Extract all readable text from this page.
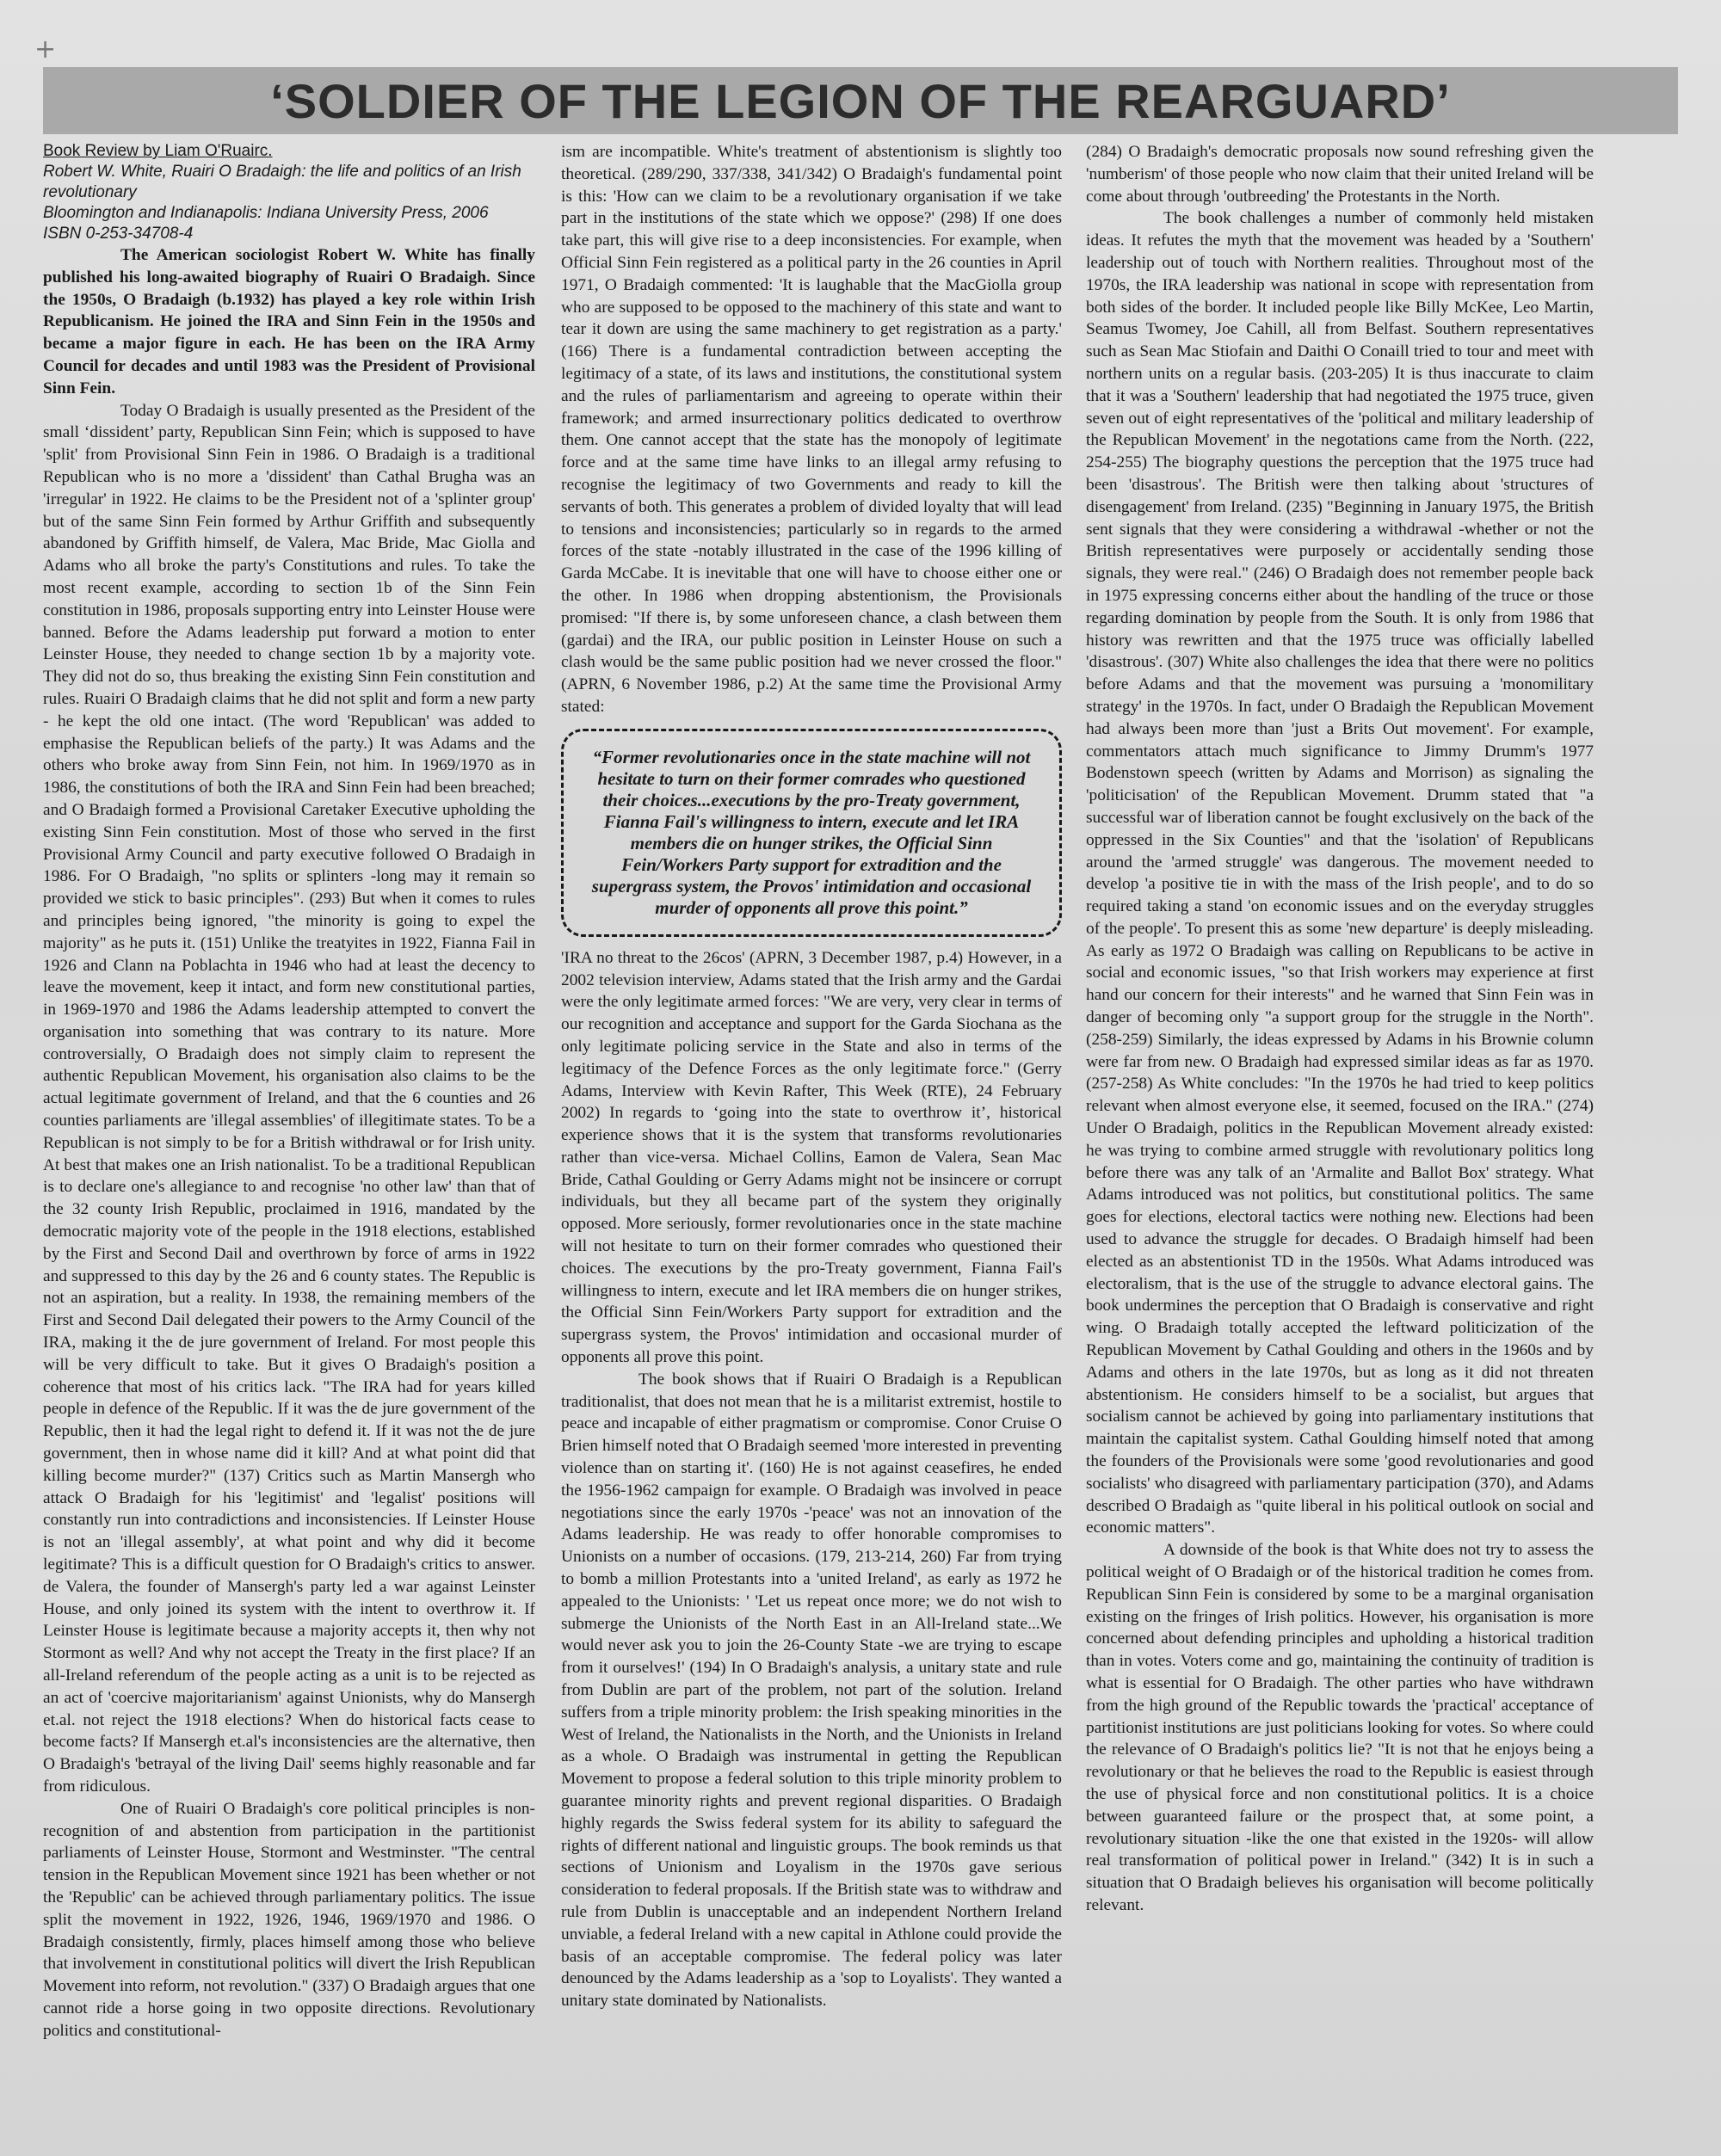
+
‘SOLDIER OF THE LEGION OF THE REARGUARD’
Book Review by Liam O'Ruairc.
Robert W. White, Ruairi O Bradaigh: the life and politics of an Irish revolutionary
Bloomington and Indianapolis: Indiana University Press, 2006
ISBN 0-253-34708-4

The American sociologist Robert W. White has finally published his long-awaited biography of Ruairi O Bradaigh. Since the 1950s, O Bradaigh (b.1932) has played a key role within Irish Republicanism. He joined the IRA and Sinn Fein in the 1950s and became a major figure in each. He has been on the IRA Army Council for decades and until 1983 was the President of Provisional Sinn Fein.

Today O Bradaigh is usually presented as the President of the small ‘dissident’ party, Republican Sinn Fein; which is supposed to have 'split' from Provisional Sinn Fein in 1986. O Bradaigh is a traditional Republican who is no more a 'dissident' than Cathal Brugha was an 'irregular' in 1922. He claims to be the President not of a 'splinter group' but of the same Sinn Fein formed by Arthur Griffith and subsequently abandoned by Griffith himself, de Valera, Mac Bride, Mac Giolla and Adams who all broke the party's Constitutions and rules. To take the most recent example, according to section 1b of the Sinn Fein constitution in 1986, proposals supporting entry into Leinster House were banned. Before the Adams leadership put forward a motion to enter Leinster House, they needed to change section 1b by a majority vote. They did not do so, thus breaking the existing Sinn Fein constitution and rules. Ruairi O Bradaigh claims that he did not split and form a new party - he kept the old one intact. (The word 'Republican' was added to emphasise the Republican beliefs of the party.) It was Adams and the others who broke away from Sinn Fein, not him. In 1969/1970 as in 1986, the constitutions of both the IRA and Sinn Fein had been breached; and O Bradaigh formed a Provisional Caretaker Executive upholding the existing Sinn Fein constitution. Most of those who served in the first Provisional Army Council and party executive followed O Bradaigh in 1986. For O Bradaigh, "no splits or splinters -long may it remain so provided we stick to basic principles". (293) But when it comes to rules and principles being ignored, "the minority is going to expel the majority" as he puts it. (151) Unlike the treatyites in 1922, Fianna Fail in 1926 and Clann na Poblachta in 1946 who had at least the decency to leave the movement, keep it intact, and form new constitutional parties, in 1969-1970 and 1986 the Adams leadership attempted to convert the organisation into something that was contrary to its nature. More controversially, O Bradaigh does not simply claim to represent the authentic Republican Movement, his organisation also claims to be the actual legitimate government of Ireland, and that the 6 counties and 26 counties parliaments are 'illegal assemblies' of illegitimate states. To be a Republican is not simply to be for a British withdrawal or for Irish unity. At best that makes one an Irish nationalist. To be a traditional Republican is to declare one's allegiance to and recognise 'no other law' than that of the 32 county Irish Republic, proclaimed in 1916, mandated by the democratic majority vote of the people in the 1918 elections, established by the First and Second Dail and overthrown by force of arms in 1922 and suppressed to this day by the 26 and 6 county states. The Republic is not an aspiration, but a reality. In 1938, the remaining members of the First and Second Dail delegated their powers to the Army Council of the IRA, making it the de jure government of Ireland. For most people this will be very difficult to take. But it gives O Bradaigh's position a coherence that most of his critics lack. "The IRA had for years killed people in defence of the Republic. If it was the de jure government of the Republic, then it had the legal right to defend it. If it was not the de jure government, then in whose name did it kill? And at what point did that killing become murder?" (137) Critics such as Martin Mansergh who attack O Bradaigh for his 'legitimist' and 'legalist' positions will constantly run into contradictions and inconsistencies. If Leinster House is not an 'illegal assembly', at what point and why did it become legitimate? This is a difficult question for O Bradaigh's critics to answer. de Valera, the founder of Mansergh's party led a war against Leinster House, and only joined its system with the intent to overthrow it. If Leinster House is legitimate because a majority accepts it, then why not Stormont as well? And why not accept the Treaty in the first place? If an all-Ireland referendum of the people acting as a unit is to be rejected as an act of 'coercive majoritarianism' against Unionists, why do Mansergh et.al. not reject the 1918 elections? When do historical facts cease to become facts? If Mansergh et.al's inconsistencies are the alternative, then O Bradaigh's 'betrayal of the living Dail' seems highly reasonable and far from ridiculous.

One of Ruairi O Bradaigh's core political principles is non-recognition of and abstention from participation in the partitionist parliaments of Leinster House, Stormont and Westminster. "The central tension in the Republican Movement since 1921 has been whether or not the 'Republic' can be achieved through parliamentary politics. The issue split the movement in 1922, 1926, 1946, 1969/1970 and 1986. O Bradaigh consistently, firmly, places himself among those who believe that involvement in constitutional politics will divert the Irish Republican Movement into reform, not revolution." (337) O Bradaigh argues that one cannot ride a horse going in two opposite directions. Revolutionary politics and constitutional-

ism are incompatible. White's treatment of abstentionism is slightly too theoretical. (289/290, 337/338, 341/342) O Bradaigh's fundamental point is this: 'How can we claim to be a revolutionary organisation if we take part in the institutions of the state which we oppose?' (298) If one does take part, this will give rise to a deep inconsistencies. For example, when Official Sinn Fein registered as a political party in the 26 counties in April 1971, O Bradaigh commented: 'It is laughable that the MacGiolla group who are supposed to be opposed to the machinery of this state and want to tear it down are using the same machinery to get registration as a party.' (166) There is a fundamental contradiction between accepting the legitimacy of a state, of its laws and institutions, the constitutional system and the rules of parliamentarism and agreeing to operate within their framework; and armed insurrectionary politics dedicated to overthrow them. One cannot accept that the state has the monopoly of legitimate force and at the same time have links to an illegal army refusing to recognise the legitimacy of two Governments and ready to kill the servants of both. This generates a problem of divided loyalty that will lead to tensions and inconsistencies; particularly so in regards to the armed forces of the state -notably illustrated in the case of the 1996 killing of Garda McCabe. It is inevitable that one will have to choose either one or the other. In 1986 when dropping abstentionism, the Provisionals promised: "If there is, by some unforeseen chance, a clash between them (gardai) and the IRA, our public position in Leinster House on such a clash would be the same public position had we never crossed the floor." (APRN, 6 November 1986, p.2) At the same time the Provisional Army stated:

“Former revolutionaries once in the state machine will not hesitate to turn on their former comrades who questioned their choices...executions by the pro-Treaty government, Fianna Fail's willingness to intern, execute and let IRA members die on hunger strikes, the Official Sinn Fein/Workers Party support for extradition and the supergrass system, the Provos' intimidation and occasional murder of opponents all prove this point.”

'IRA no threat to the 26cos' (APRN, 3 December 1987, p.4) However, in a 2002 television interview, Adams stated that the Irish army and the Gardai were the only legitimate armed forces: "We are very, very clear in terms of our recognition and acceptance and support for the Garda Siochana as the only legitimate policing service in the State and also in terms of the legitimacy of the Defence Forces as the only legitimate force." (Gerry Adams, Interview with Kevin Rafter, This Week (RTE), 24 February 2002) In regards to ‘going into the state to overthrow it’, historical experience shows that it is the system that transforms revolutionaries rather than vice-versa. Michael Collins, Eamon de Valera, Sean Mac Bride, Cathal Goulding or Gerry Adams might not be insincere or corrupt individuals, but they all became part of the system they originally opposed. More seriously, former revolutionaries once in the state machine will not hesitate to turn on their former comrades who questioned their choices. The executions by the pro-Treaty government, Fianna Fail's willingness to intern, execute and let IRA members die on hunger strikes, the Official Sinn Fein/Workers Party support for extradition and the supergrass system, the Provos' intimidation and occasional murder of opponents all prove this point.

The book shows that if Ruairi O Bradaigh is a Republican traditionalist, that does not mean that he is a militarist extremist, hostile to peace and incapable of either pragmatism or compromise. Conor Cruise O Brien himself noted that O Bradaigh seemed 'more interested in preventing violence than on starting it'. (160) He is not against ceasefires, he ended the 1956-1962 campaign for example. O Bradaigh was involved in peace negotiations since the early 1970s -'peace' was not an innovation of the Adams leadership. He was ready to offer honorable compromises to Unionists on a number of occasions. (179, 213-214, 260) Far from trying to bomb a million Protestants into a 'united Ireland', as early as 1972 he appealed to the Unionists: ' 'Let us repeat once more; we do not wish to submerge the Unionists of the North East in an All-Ireland state...We would never ask you to join the 26-County State -we are trying to escape from it ourselves!' (194) In O Bradaigh's analysis, a unitary state and rule from Dublin are part of the problem, not part of the solution. Ireland suffers from a triple minority problem: the Irish speaking minorities in the West of Ireland, the Nationalists in the North, and the Unionists in Ireland as a whole. O Bradaigh was instrumental in getting the Republican Movement to propose a federal solution to this triple minority problem to guarantee minority rights and prevent regional disparities. O Bradaigh highly regards the Swiss federal system for its ability to safeguard the rights of different national and linguistic groups. The book reminds us that sections of Unionism and Loyalism in the 1970s gave serious consideration to federal proposals. If the British state was to withdraw and rule from Dublin is unacceptable and an independent Northern Ireland unviable, a federal Ireland with a new capital in Athlone could provide the basis of an acceptable compromise. The federal policy was later denounced by the Adams leadership as a 'sop to Loyalists'. They wanted a unitary state dominated by Nationalists.

(284) O Bradaigh's democratic proposals now sound refreshing given the 'numberism' of those people who now claim that their united Ireland will be come about through 'outbreeding' the Protestants in the North.

The book challenges a number of commonly held mistaken ideas. It refutes the myth that the movement was headed by a 'Southern' leadership out of touch with Northern realities. Throughout most of the 1970s, the IRA leadership was national in scope with representation from both sides of the border. It included people like Billy McKee, Leo Martin, Seamus Twomey, Joe Cahill, all from Belfast. Southern representatives such as Sean Mac Stiofain and Daithi O Conaill tried to tour and meet with northern units on a regular basis. (203-205) It is thus inaccurate to claim that it was a 'Southern' leadership that had negotiated the 1975 truce, given seven out of eight representatives of the 'political and military leadership of the Republican Movement' in the negotations came from the North. (222, 254-255) The biography questions the perception that the 1975 truce had been 'disastrous'. The British were then talking about 'structures of disengagement' from Ireland. (235) "Beginning in January 1975, the British sent signals that they were considering a withdrawal -whether or not the British representatives were purposely or accidentally sending those signals, they were real." (246) O Bradaigh does not remember people back in 1975 expressing concerns either about the handling of the truce or those regarding domination by people from the South. It is only from 1986 that history was rewritten and that the 1975 truce was officially labelled 'disastrous'. (307) White also challenges the idea that there were no politics before Adams and that the movement was pursuing a 'monomilitary strategy' in the 1970s. In fact, under O Bradaigh the Republican Movement had always been more than 'just a Brits Out movement'. For example, commentators attach much significance to Jimmy Drumm's 1977 Bodenstown speech (written by Adams and Morrison) as signaling the 'politicisation' of the Republican Movement. Drumm stated that "a successful war of liberation cannot be fought exclusively on the back of the oppressed in the Six Counties" and that the 'isolation' of Republicans around the 'armed struggle' was dangerous. The movement needed to develop 'a positive tie in with the mass of the Irish people', and to do so required taking a stand 'on economic issues and on the everyday struggles of the people'. To present this as some 'new departure' is deeply misleading. As early as 1972 O Bradaigh was calling on Republicans to be active in social and economic issues, "so that Irish workers may experience at first hand our concern for their interests" and he warned that Sinn Fein was in danger of becoming only "a support group for the struggle in the North". (258-259) Similarly, the ideas expressed by Adams in his Brownie column were far from new. O Bradaigh had expressed similar ideas as far as 1970. (257-258) As White concludes: "In the 1970s he had tried to keep politics relevant when almost everyone else, it seemed, focused on the IRA." (274) Under O Bradaigh, politics in the Republican Movement already existed: he was trying to combine armed struggle with revolutionary politics long before there was any talk of an 'Armalite and Ballot Box' strategy. What Adams introduced was not politics, but constitutional politics. The same goes for elections, electoral tactics were nothing new. Elections had been used to advance the struggle for decades. O Bradaigh himself had been elected as an abstentionist TD in the 1950s. What Adams introduced was electoralism, that is the use of the struggle to advance electoral gains. The book undermines the perception that O Bradaigh is conservative and right wing. O Bradaigh totally accepted the leftward politicization of the Republican Movement by Cathal Goulding and others in the 1960s and by Adams and others in the late 1970s, but as long as it did not threaten abstentionism. He considers himself to be a socialist, but argues that socialism cannot be achieved by going into parliamentary institutions that maintain the capitalist system. Cathal Goulding himself noted that among the founders of the Provisionals were some 'good revolutionaries and good socialists' who disagreed with parliamentary participation (370), and Adams described O Bradaigh as "quite liberal in his political outlook on social and economic matters".

A downside of the book is that White does not try to assess the political weight of O Bradaigh or of the historical tradition he comes from. Republican Sinn Fein is considered by some to be a marginal organisation existing on the fringes of Irish politics. However, his organisation is more concerned about defending principles and upholding a historical tradition than in votes. Voters come and go, maintaining the continuity of tradition is what is essential for O Bradaigh. The other parties who have withdrawn from the high ground of the Republic towards the 'practical' acceptance of partitionist institutions are just politicians looking for votes. So where could the relevance of O Bradaigh's politics lie? "It is not that he enjoys being a revolutionary or that he believes the road to the Republic is easiest through the use of physical force and non constitutional politics. It is a choice between guaranteed failure or the prospect that, at some point, a revolutionary situation -like the one that existed in the 1920s- will allow real transformation of political power in Ireland." (342) It is in such a situation that O Bradaigh believes his organisation will become politically relevant.
